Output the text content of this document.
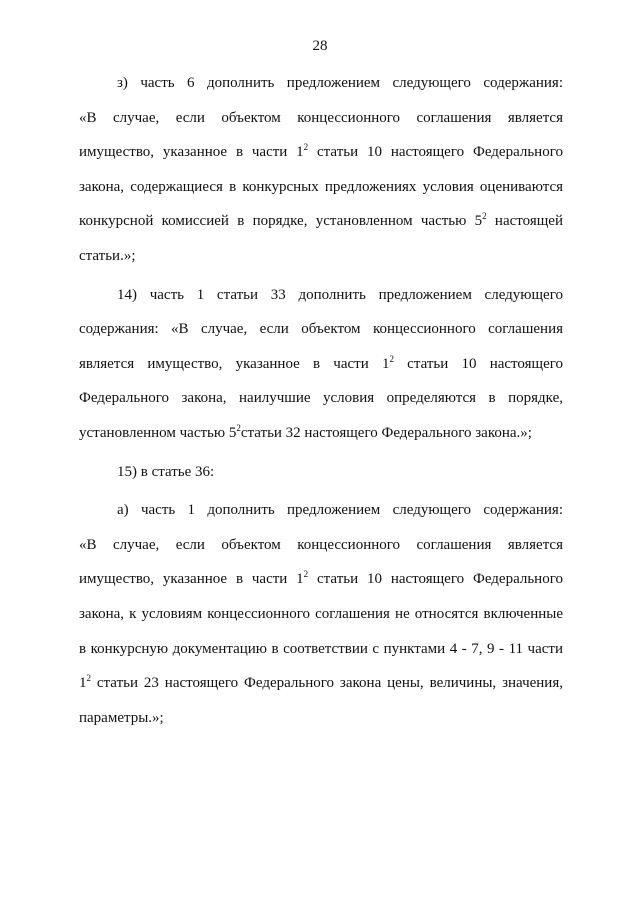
28
з) часть 6 дополнить предложением следующего содержания:
«В случае, если объектом концессионного соглашения является
имущество, указанное в части $1^2$ статьи 10 настоящего Федерального
закона, содержащиеся в конкурсных предложениях условия оцениваются
конкурсной комиссией в порядке, установленном частью $5^2$ настоящей
статьи.»;
14) часть 1 статьи 33 дополнить предложением следующего
содержания: «В случае, если объектом концессионного соглашения
является имущество, указанное в части $1^2$ статьи 10 настоящего
Федерального закона, наилучшие условия определяются в порядке,
установленном частью $5^2статьи$ 32 настоящего Федерального закона.»;
15) в статье 36:
а) часть 1 дополнить предложением следующего содержания:
«В случае, если объектом концессионного соглашения является
имущество, указанное в части $1^2$ статьи 10 настоящего Федерального
закона, к условиям концессионного соглашения не относятся включенные
в конкурсную документацию в соответствии с пунктами 4 - 7, 9 - 11 части
$1^2$ статьи 23 настоящего Федерального закона цены, величины, значения,
параметры.»;
